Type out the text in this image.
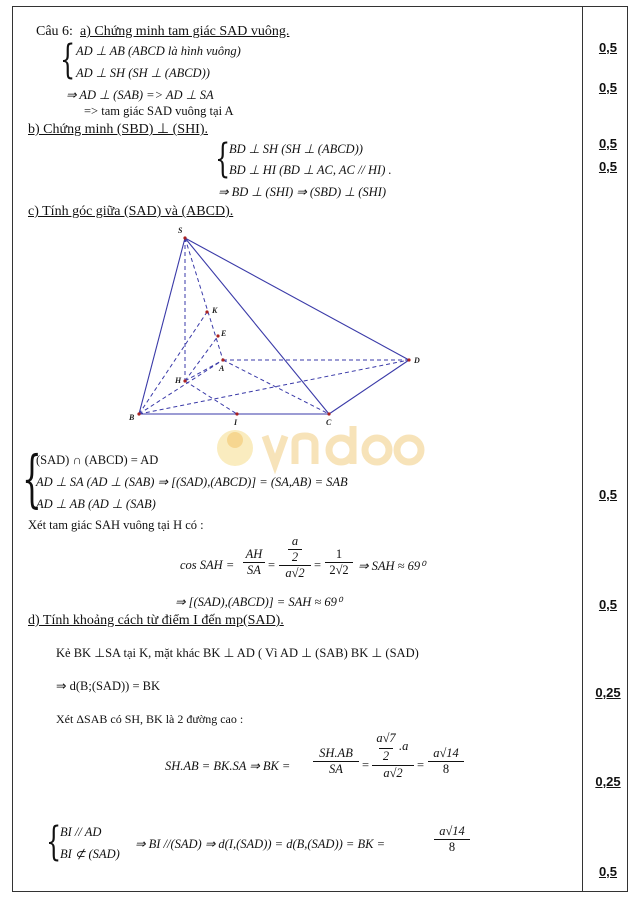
Câu 6: a) Chứng minh tam giác SAD vuông.
{ AD ⊥ AB (ABCD là hình vuông)
AD ⊥ SH (SH ⊥ (ABCD))
⇒ AD ⊥ (SAB) => AD ⊥ SA
=> tam giác SAD vuông tại A
0,5
0,5
b) Chứng minh (SBD) ⊥ (SHI).
{
BD ⊥ SH (SH ⊥ (ABCD))
BD ⊥ HI (BD ⊥ AC, AC // HI) .
⇒ BD ⊥ (SHI) ⇒ (SBD) ⊥ (SHI)
0,5
0,5
c) Tính góc giữa (SAD) và (ABCD).
S
K
E
A
H
B
I	C
D
{
(SAD) ∩ (ABCD) = AD
AD ⊥ SA (AD ⊥ (SAB) ⇒ [(SAD),(ABCD)] = (SA,AB) = SAB
AD ⊥ AB (AD ⊥ (SAB)
0,5
Xét tam giác SAH vuông tại H có :
cos SAH = $\frac{AH}{SA}$ =
a
2
a√2
= $\frac{1}{2√2}$ ⇒ SAH ≈ 69⁰
⇒ [(SAD),(ABCD)] = SAH ≈ 69⁰	0,5
d) Tính khoảng cách từ điểm I đến mp(SAD).
Kẻ BK ⊥SA tại K, mặt khác BK ⊥ AD ( Vì AD ⊥ (SAB) BK ⊥ (SAD)
⇒ d(B;(SAD)) = BK
Xét ΔSAB có SH, BK là 2 đường cao :
0,25
SH.AB = BK.SA ⇒ BK = $\frac{SH.AB}{SA} = a√7$
2
.a
$a√2 = \frac{a√14}{8}$
0,25
{
BI // AD
BI ⊄ (SAD)
⇒ BI //(SAD) ⇒ d(I,(SAD)) = d(B,(SAD)) = BK =	$\frac{a√14}{8}$
0,5
